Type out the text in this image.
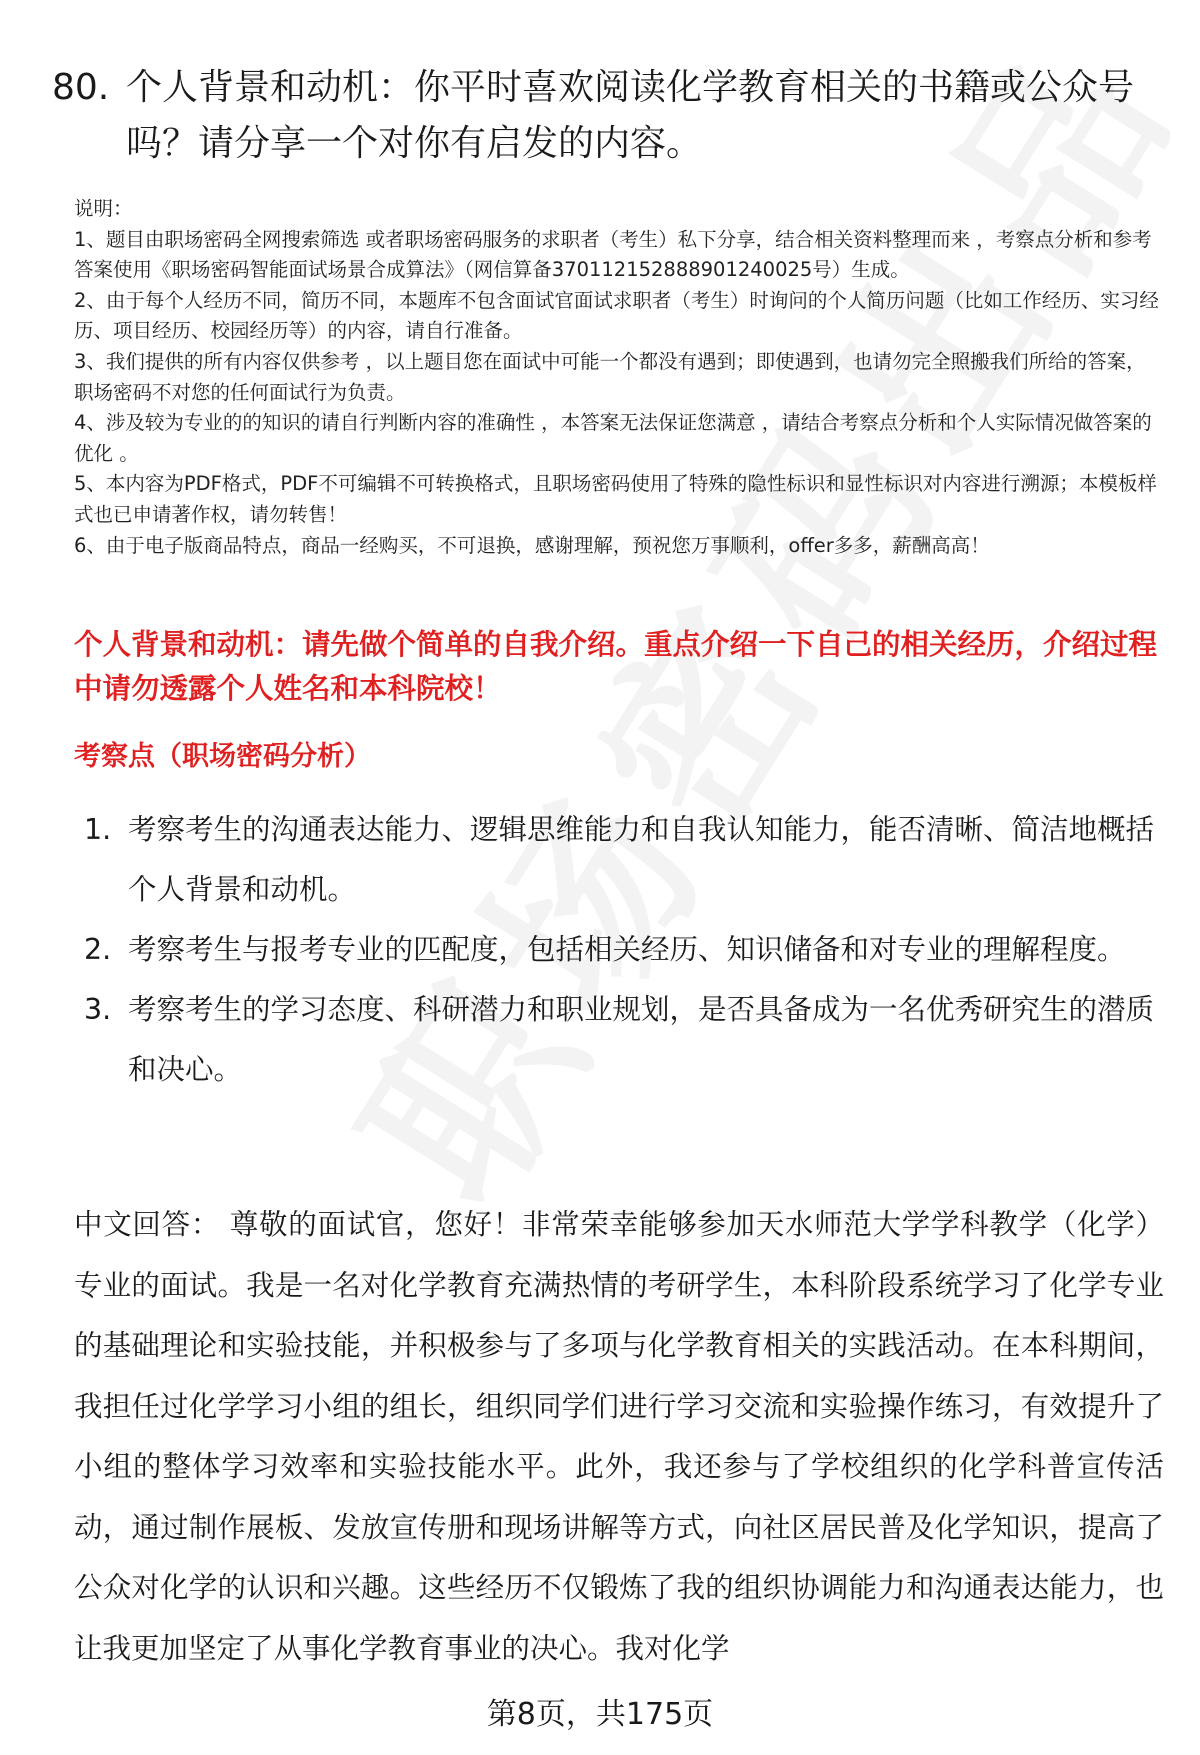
80. 个人背景和动机：你平时喜欢阅读化学教育相关的书籍或公众号吗？请分享一个对你有启发的内容。

说明：

1、题目由职场密码全网搜索筛选 或者职场密码服务的求职者（考生）私下分享，结合相关资料整理而来 ，考察点分析和参考答案使用《职场密码智能面试场景合成算法》（网信算备370112152888901240025号）生成。

2、由于每个人经历不同，简历不同，本题库不包含面试官面试求职者（考生）时询问的个人简历问题（比如工作经历、实习经历、项目经历、校园经历等）的内容，请自行准备。

3、我们提供的所有内容仅供参考 ，以上题目您在面试中可能一个都没有遇到；即使遇到，也请勿完全照搬我们所给的答案，职场密码不对您的任何面试行为负责。

4、涉及较为专业的的知识的请自行判断内容的准确性 ，本答案无法保证您满意 ，请结合考察点分析和个人实际情况做答案的优化 。

5、本内容为PDF格式，PDF不可编辑不可转换格式，且职场密码使用了特殊的隐性标识和显性标识对内容进行溯源；本模板样式也已申请著作权，请勿转售！

6、由于电子版商品特点，商品一经购买，不可退换，感谢理解，预祝您万事顺利，offer多多，薪酬高高！

个人背景和动机：请先做个简单的自我介绍。重点介绍一下自己的相关经历，介绍过程中请勿透露个人姓名和本科院校！
考察点（职场密码分析）
1. 考察考生的沟通表达能力、逻辑思维能力和自我认知能力，能否清晰、简洁地概括个人背景和动机。
2. 考察考生与报考专业的匹配度，包括相关经历、知识储备和对专业的理解程度。
3. 考察考生的学习态度、科研潜力和职业规划，是否具备成为一名优秀研究生的潜质和决心。
中文回答： 尊敬的面试官，您好！非常荣幸能够参加天水师范大学学科教学（化学）专业的面试。我是一名对化学教育充满热情的考研学生，本科阶段系统学习了化学专业的基础理论和实验技能，并积极参与了多项与化学教育相关的实践活动。在本科期间，我担任过化学学习小组的组长，组织同学们进行学习交流和实验操作练习，有效提升了小组的整体学习效率和实验技能水平。此外，我还参与了学校组织的化学科普宣传活动，通过制作展板、发放宣传册和现场讲解等方式，向社区居民普及化学知识，提高了公众对化学的认识和兴趣。这些经历不仅锻炼了我的组织协调能力和沟通表达能力，也让我更加坚定了从事化学教育事业的决心。我对化学
第8页，共175页
